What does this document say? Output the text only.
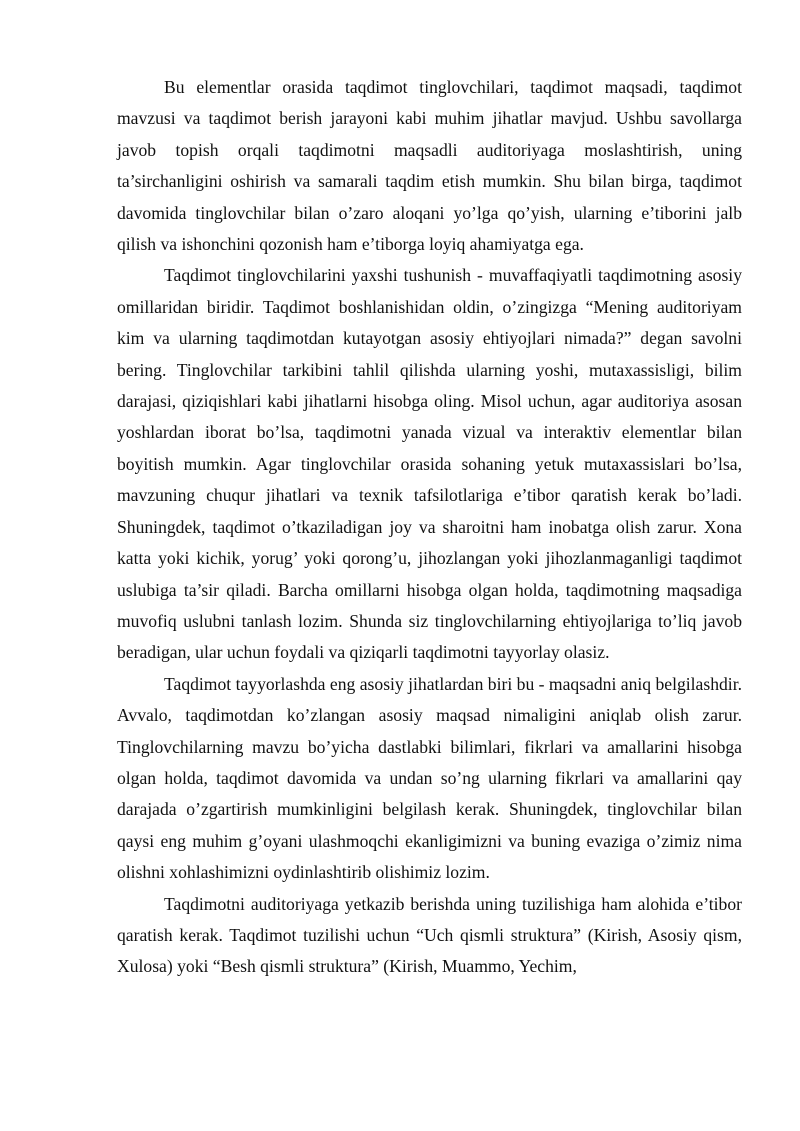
Bu elementlar orasida taqdimot tinglovchilari, taqdimot maqsadi, taqdimot mavzusi va taqdimot berish jarayoni kabi muhim jihatlar mavjud. Ushbu savollarga javob topish orqali taqdimotni maqsadli auditoriyaga moslashtirish, uning ta’sirchanligini oshirish va samarali taqdim etish mumkin. Shu bilan birga, taqdimot davomida tinglovchilar bilan o’zaro aloqani yo’lga qo’yish, ularning e’tiborini jalb qilish va ishonchini qozonish ham e’tiborga loyiq ahamiyatga ega.

Taqdimot tinglovchilarini yaxshi tushunish - muvaffaqiyatli taqdimotning asosiy omillaridan biridir. Taqdimot boshlanishidan oldin, o’zingizga “Mening auditoriyam kim va ularning taqdimotdan kutayotgan asosiy ehtiyojlari nimada?” degan savolni bering. Tinglovchilar tarkibini tahlil qilishda ularning yoshi, mutaxassisligi, bilim darajasi, qiziqishlari kabi jihatlarni hisobga oling. Misol uchun, agar auditoriya asosan yoshlardan iborat bo’lsa, taqdimotni yanada vizual va interaktiv elementlar bilan boyitish mumkin. Agar tinglovchilar orasida sohaning yetuk mutaxassislari bo’lsa, mavzuning chuqur jihatlari va texnik tafsilotlariga e’tibor qaratish kerak bo’ladi. Shuningdek, taqdimot o’tkaziladigan joy va sharoitni ham inobatga olish zarur. Xona katta yoki kichik, yorug’ yoki qorong’u, jihozlangan yoki jihozlanmaganligi taqdimot uslubiga ta’sir qiladi. Barcha omillarni hisobga olgan holda, taqdimotning maqsadiga muvofiq uslubni tanlash lozim. Shunda siz tinglovchilarning ehtiyojlariga to’liq javob beradigan, ular uchun foydali va qiziqarli taqdimotni tayyorlay olasiz.

Taqdimot tayyorlashda eng asosiy jihatlardan biri bu - maqsadni aniq belgilashdir. Avvalo, taqdimotdan ko’zlangan asosiy maqsad nimaligini aniqlab olish zarur. Tinglovchilarning mavzu bo’yicha dastlabki bilimlari, fikrlari va amallarini hisobga olgan holda, taqdimot davomida va undan so’ng ularning fikrlari va amallarini qay darajada o’zgartirish mumkinligini belgilash kerak. Shuningdek, tinglovchilar bilan qaysi eng muhim g’oyani ulashmoqchi ekanligimizni va buning evaziga o’zimiz nima olishni xohlashimizni oydinlashtirib olishimiz lozim.

Taqdimotni auditoriyaga yetkazib berishda uning tuzilishiga ham alohida e’tibor qaratish kerak. Taqdimot tuzilishi uchun “Uch qismli struktura” (Kirish, Asosiy qism, Xulosa) yoki “Besh qismli struktura” (Kirish, Muammo, Yechim,
